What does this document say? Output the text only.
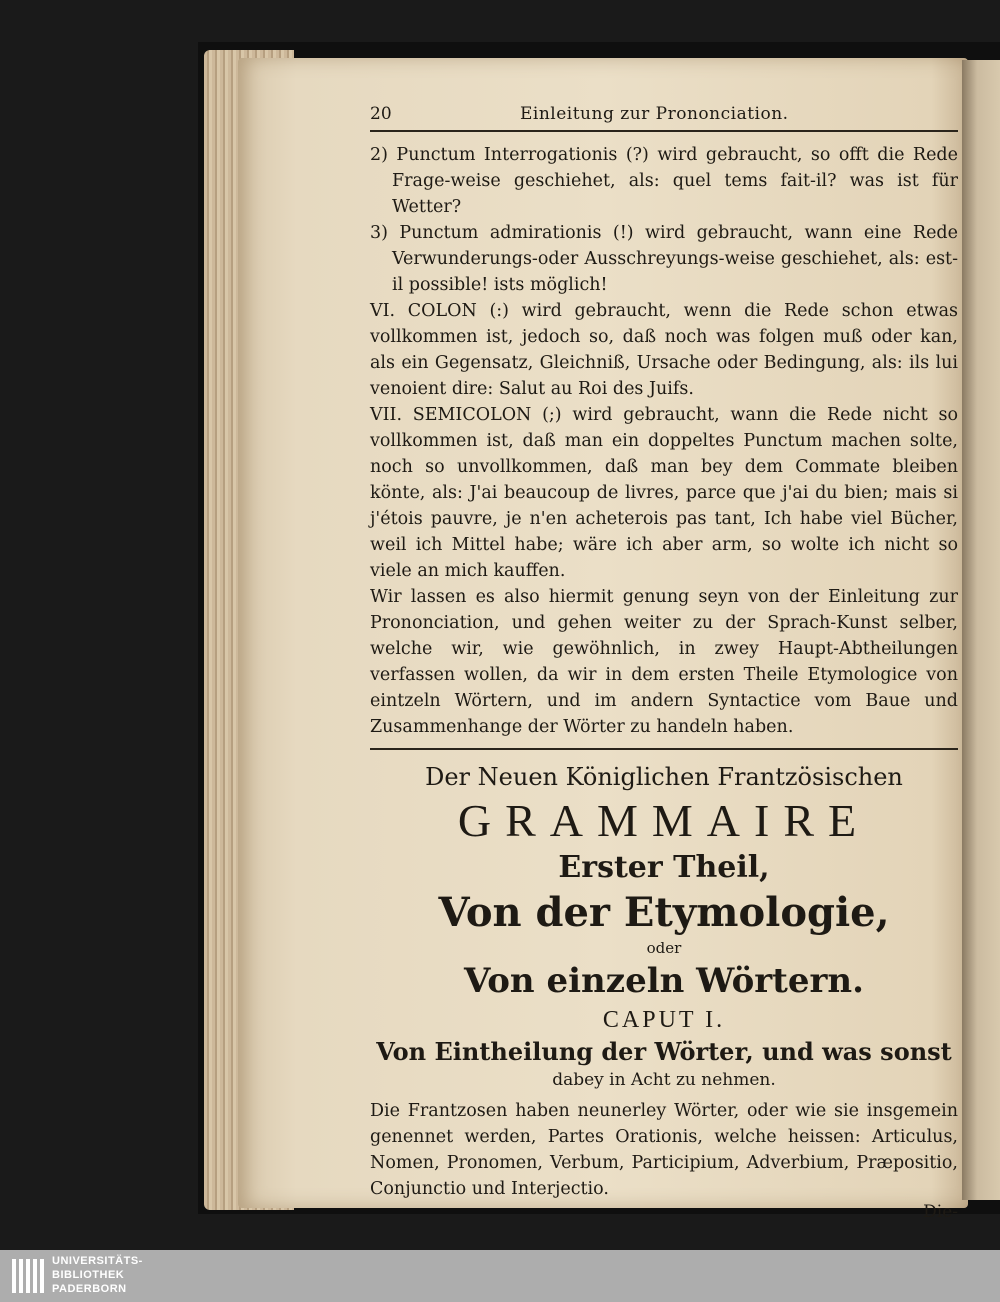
20	Einleitung zur Prononciation.

2) Punctum Interrogationis (?) wird gebraucht, so offt die Rede Frage-weise geschiehet, als: quel tems fait-il? was ist für Wetter?

3) Punctum admirationis (!) wird gebraucht, wann eine Rede Verwunderungs-oder Ausschreyungs-weise geschiehet, als: est-il possible! ists möglich!

VI. COLON (:) wird gebraucht, wenn die Rede schon etwas vollkommen ist, jedoch so, daß noch was folgen muß oder kan, als ein Gegensatz, Gleichniß, Ursache oder Bedingung, als: ils lui venoient dire: Salut au Roi des Juifs.

VII. SEMICOLON (;) wird gebraucht, wann die Rede nicht so vollkommen ist, daß man ein doppeltes Punctum machen solte, noch so unvollkommen, daß man bey dem Commate bleiben könte, als: J'ai beaucoup de livres, parce que j'ai du bien; mais si j'étois pauvre, je n'en acheterois pas tant, Ich habe viel Bücher, weil ich Mittel habe; wäre ich aber arm, so wolte ich nicht so viele an mich kauffen.

Wir lassen es also hiermit genung seyn von der Einleitung zur Prononciation, und gehen weiter zu der Sprach-Kunst selber, welche wir, wie gewöhnlich, in zwey Haupt-Abtheilungen verfassen wollen, da wir in dem ersten Theile Etymologice von eintzeln Wörtern, und im andern Syntactice vom Baue und Zusammenhange der Wörter zu handeln haben.

Der Neuen Königlichen Frantzösischen

GRAMMAIRE

Erster Theil,

Von der Etymologie,

oder

Von einzeln Wörtern.

CAPUT I.

Von Eintheilung der Wörter, und was sonst

dabey in Acht zu nehmen.

Die Frantzosen haben neunerley Wörter, oder wie sie insgemein genennet werden, Partes Orationis, welche heissen: Articulus, Nomen, Pronomen, Verbum, Participium, Adverbium, Præpositio, Conjunctio und Interjectio.

Die-

UNIVERSITÄTS-
BIBLIOTHEK
PADERBORN
